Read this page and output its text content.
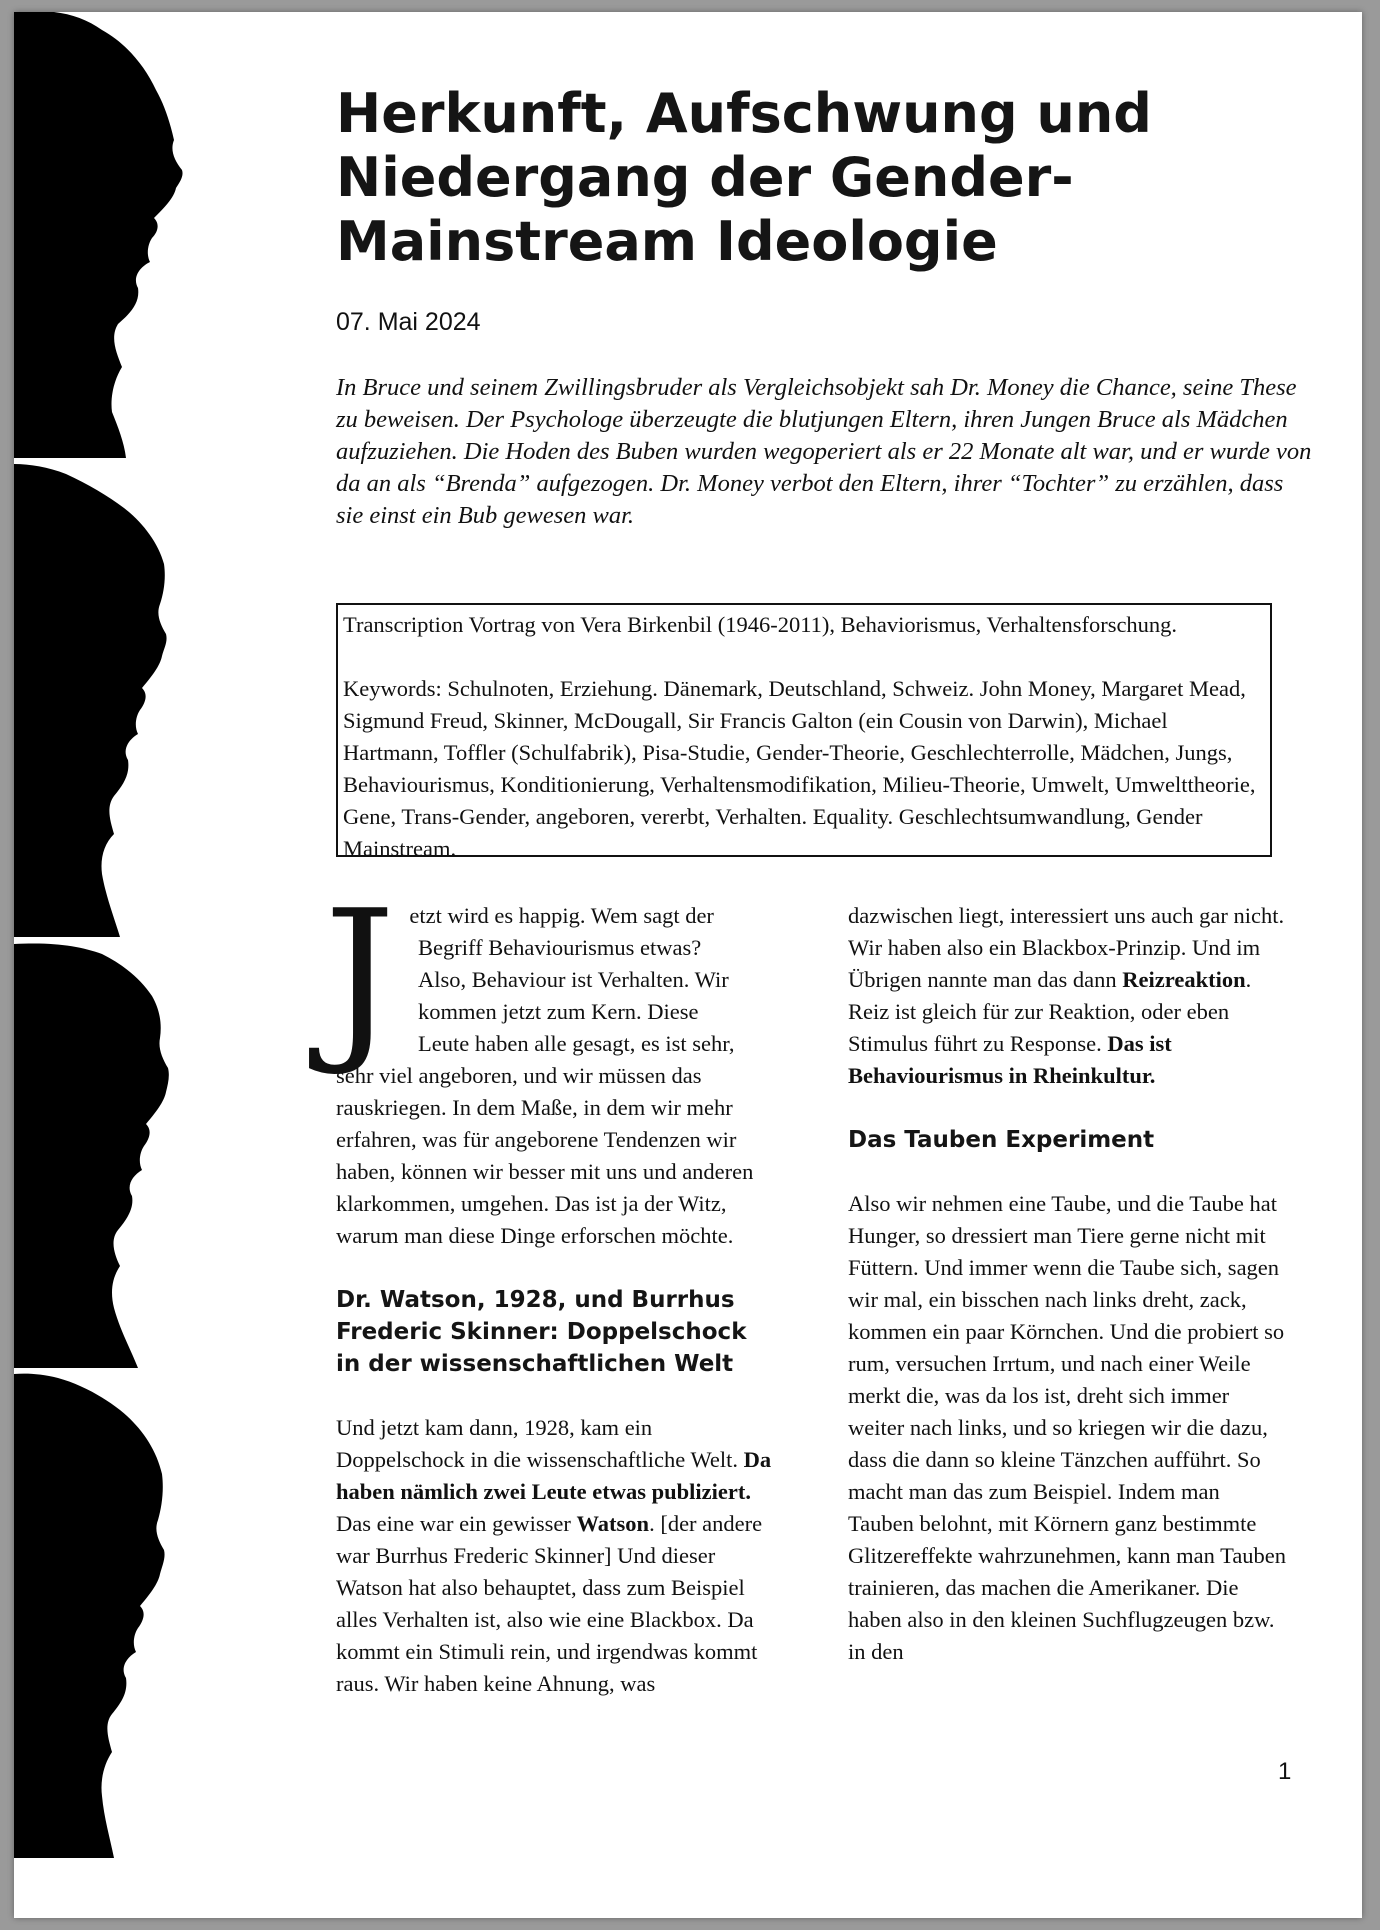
Herkunft, Aufschwung und Niedergang der Gender-Mainstream Ideologie
07. Mai 2024

In Bruce und seinem Zwillingsbruder als Vergleichsobjekt sah Dr. Money die Chance, seine These zu beweisen. Der Psychologe überzeugte die blutjungen Eltern, ihren Jungen Bruce als Mädchen aufzuziehen. Die Hoden des Buben wurden wegoperiert als er 22 Monate alt war, und er wurde von da an als “Brenda” aufgezogen. Dr. Money verbot den Eltern, ihrer “Tochter” zu erzählen, dass sie einst ein Bub gewesen war.

Transcription Vortrag von Vera Birkenbil (1946-2011), Behaviorismus, Verhaltensforschung.

Keywords: Schulnoten, Erziehung. Dänemark, Deutschland, Schweiz. John Money, Margaret Mead, Sigmund Freud, Skinner, McDougall, Sir Francis Galton (ein Cousin von Darwin), Michael Hartmann, Toffler (Schulfabrik), Pisa-Studie, Gender-Theorie, Geschlechterrolle, Mädchen, Jungs, Behaviourismus, Konditionierung, Verhaltensmodifikation, Milieu-Theorie, Umwelt, Umwelttheorie, Gene, Trans-Gender, angeboren, vererbt, Verhalten. Equality. Geschlechtsumwandlung, Gender Mainstream.

J etzt wird es happig. Wem sagt der
Begriff Behaviourismus etwas?
Also, Behaviour ist Verhalten. Wir
kommen jetzt zum Kern. Diese
Leute haben alle gesagt, es ist sehr,

sehr viel angeboren, und wir müssen das rauskriegen. In dem Maße, in dem wir mehr erfahren, was für angeborene Tendenzen wir haben, können wir besser mit uns und anderen klarkommen, umgehen. Das ist ja der Witz, warum man diese Dinge erforschen möchte.

Dr. Watson, 1928, und Burrhus Frederic Skinner: Doppelschock in der wissenschaftlichen Welt

Und jetzt kam dann, 1928, kam ein Doppelschock in die wissenschaftliche Welt. Da haben nämlich zwei Leute etwas publiziert. Das eine war ein gewisser Watson. [der andere war Burrhus Frederic Skinner] Und dieser Watson hat also behauptet, dass zum Beispiel alles Verhalten ist, also wie eine Blackbox. Da kommt ein Stimuli rein, und irgendwas kommt raus. Wir haben keine Ahnung, was

dazwischen liegt, interessiert uns auch gar nicht. Wir haben also ein Blackbox-Prinzip. Und im Übrigen nannte man das dann Reizreaktion. Reiz ist gleich für zur Reaktion, oder eben Stimulus führt zu Response. Das ist Behaviourismus in Rheinkultur.

Das Tauben Experiment

Also wir nehmen eine Taube, und die Taube hat Hunger, so dressiert man Tiere gerne nicht mit Füttern. Und immer wenn die Taube sich, sagen wir mal, ein bisschen nach links dreht, zack, kommen ein paar Körnchen. Und die probiert so rum, versuchen Irrtum, und nach einer Weile merkt die, was da los ist, dreht sich immer weiter nach links, und so kriegen wir die dazu, dass die dann so kleine Tänzchen aufführt. So macht man das zum Beispiel. Indem man Tauben belohnt, mit Körnern ganz bestimmte Glitzereffekte wahrzunehmen, kann man Tauben trainieren, das machen die Amerikaner. Die haben also in den kleinen Suchflugzeugen bzw. in den

1
